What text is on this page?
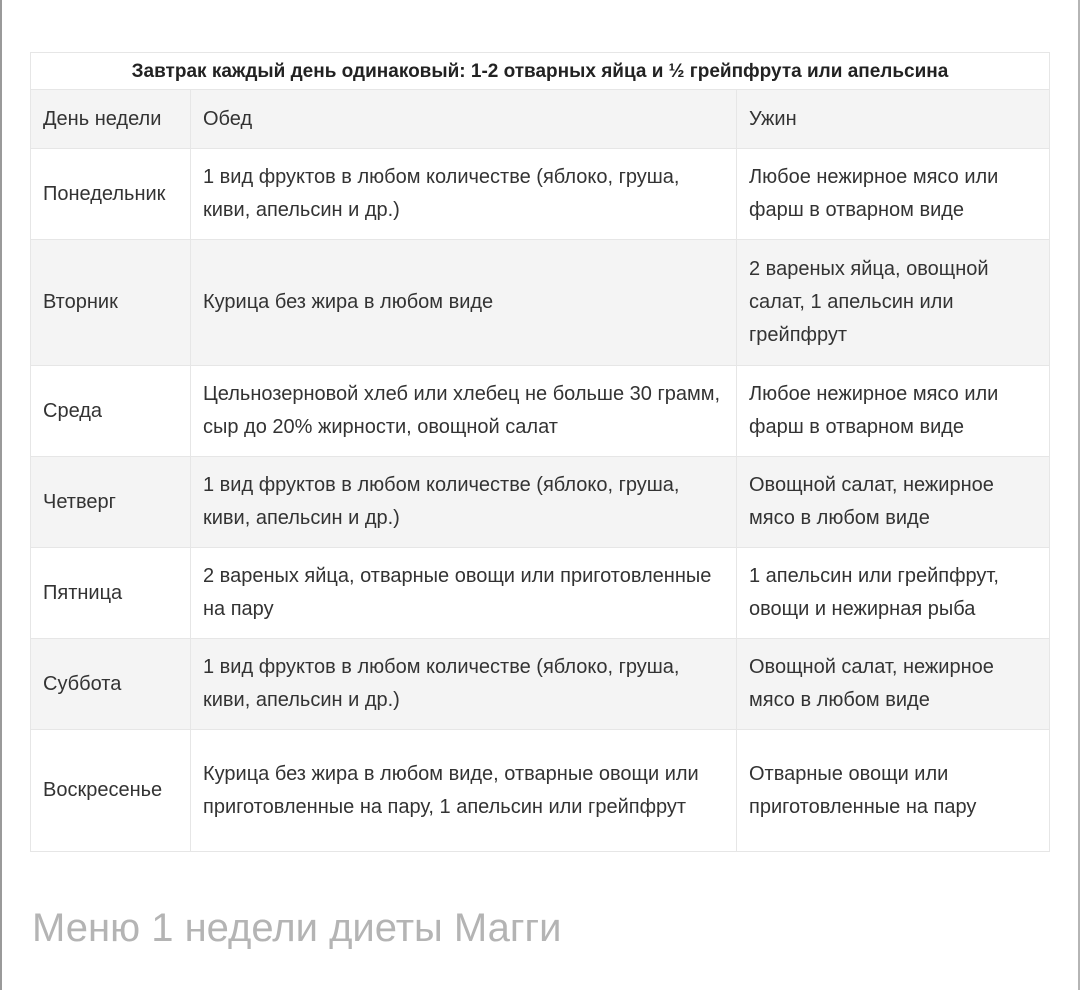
Завтрак каждый день одинаковый: 1-2 отварных яйца и ½ грейпфрута или апельсина		
День недели	Обед	Ужин
Понедельник	1 вид фруктов в любом количестве (яблоко, груша, киви, апельсин и др.)	Любое нежирное мясо или фарш в отварном виде
Вторник	Курица без жира в любом виде	2 вареных яйца, овощной салат, 1 апельсин или грейпфрут
Среда	Цельнозерновой хлеб или хлебец не больше 30 грамм, сыр до 20% жирности, овощной салат	Любое нежирное мясо или фарш в отварном виде
Четверг	1 вид фруктов в любом количестве (яблоко, груша, киви, апельсин и др.)	Овощной салат, нежирное мясо в любом виде
Пятница	2 вареных яйца, отварные овощи или приготовленные на пару	1 апельсин или грейпфрут, овощи и нежирная рыба
Суббота	1 вид фруктов в любом количестве (яблоко, груша, киви, апельсин и др.)	Овощной салат, нежирное мясо в любом виде
Воскресенье	Курица без жира в любом виде, отварные овощи или приготовленные на пару, 1 апельсин или грейпфрут	Отварные овощи или приготовленные на пару
Меню 1 недели диеты Магги
